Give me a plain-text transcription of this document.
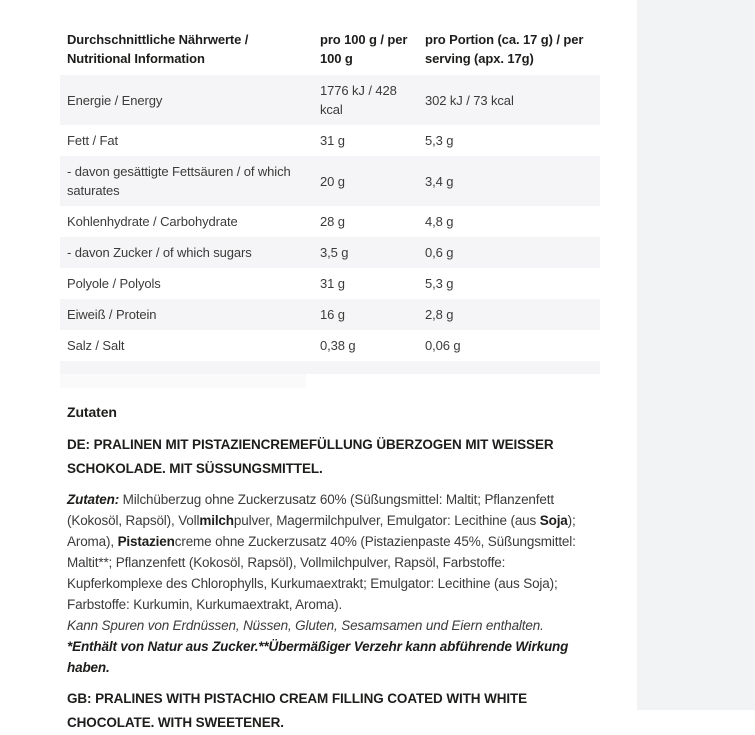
Durchschnittliche Nährwerte / Nutritional Information	pro 100 g / per 100 g	pro Portion (ca. 17 g) / per serving (apx. 17g)
Energie / Energy	1776 kJ / 428 kcal	302 kJ / 73 kcal
Fett / Fat	31 g	5,3 g
- davon gesättigte Fettsäuren / of which saturates	20 g	3,4 g
Kohlenhydrate / Carbohydrate	28 g	4,8 g
- davon Zucker / of which sugars	3,5 g	0,6 g
Polyole / Polyols	31 g	5,3 g
Eiweiß / Protein	16 g	2,8 g
Salz / Salt	0,38 g	0,06 g
Zutaten

DE: PRALINEN MIT PISTAZIENCREMEFÜLLUNG ÜBERZOGEN MIT WEISSER SCHOKOLADE. MIT SÜSSUNGSMITTEL.

Zutaten: Milchüberzug ohne Zuckerzusatz 60% (Süßungsmittel: Maltit; Pflanzenfett (Kokosöl, Rapsöl), Vollmilchpulver, Magermilchpulver, Emulgator: Lecithine (aus Soja); Aroma), Pistaziencreme ohne Zuckerzusatz 40% (Pistazienpaste 45%, Süßungsmittel: Maltit**; Pflanzenfett (Kokosöl, Rapsöl), Vollmilchpulver, Rapsöl, Farbstoffe: Kupferkomplexe des Chlorophylls, Kurkumaextrakt; Emulgator: Lecithine (aus Soja); Farbstoffe: Kurkumin, Kurkumaextrakt, Aroma).

Kann Spuren von Erdnüssen, Nüssen, Gluten, Sesamsamen und Eiern enthalten. *Enthält von Natur aus Zucker.**Übermäßiger Verzehr kann abführende Wirkung haben.

GB: PRALINES WITH PISTACHIO CREAM FILLING COATED WITH WHITE CHOCOLATE. WITH SWEETENER.
